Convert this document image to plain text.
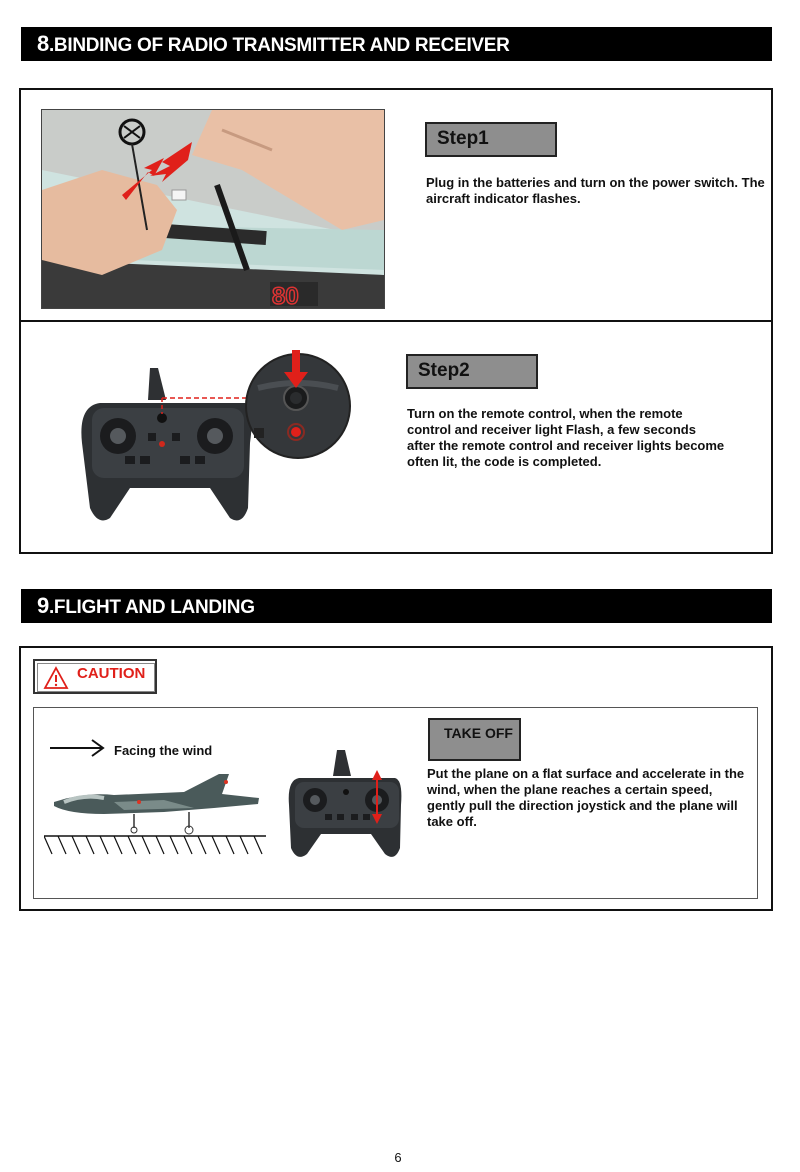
8.BINDING OF RADIO TRANSMITTER AND RECEIVER
80
Step1
Plug in the batteries and turn on the power switch. The aircraft indicator flashes.
Step2
Turn on the remote control, when the remote control and receiver light Flash, a few seconds after the remote control and receiver lights become often lit, the code is completed.
9.FLIGHT AND LANDING
CAUTION
Facing the wind
TAKE OFF
Put the plane on a flat surface and accelerate in the wind, when the plane reaches a certain speed, gently pull the direction joystick and the plane will take off.
6
